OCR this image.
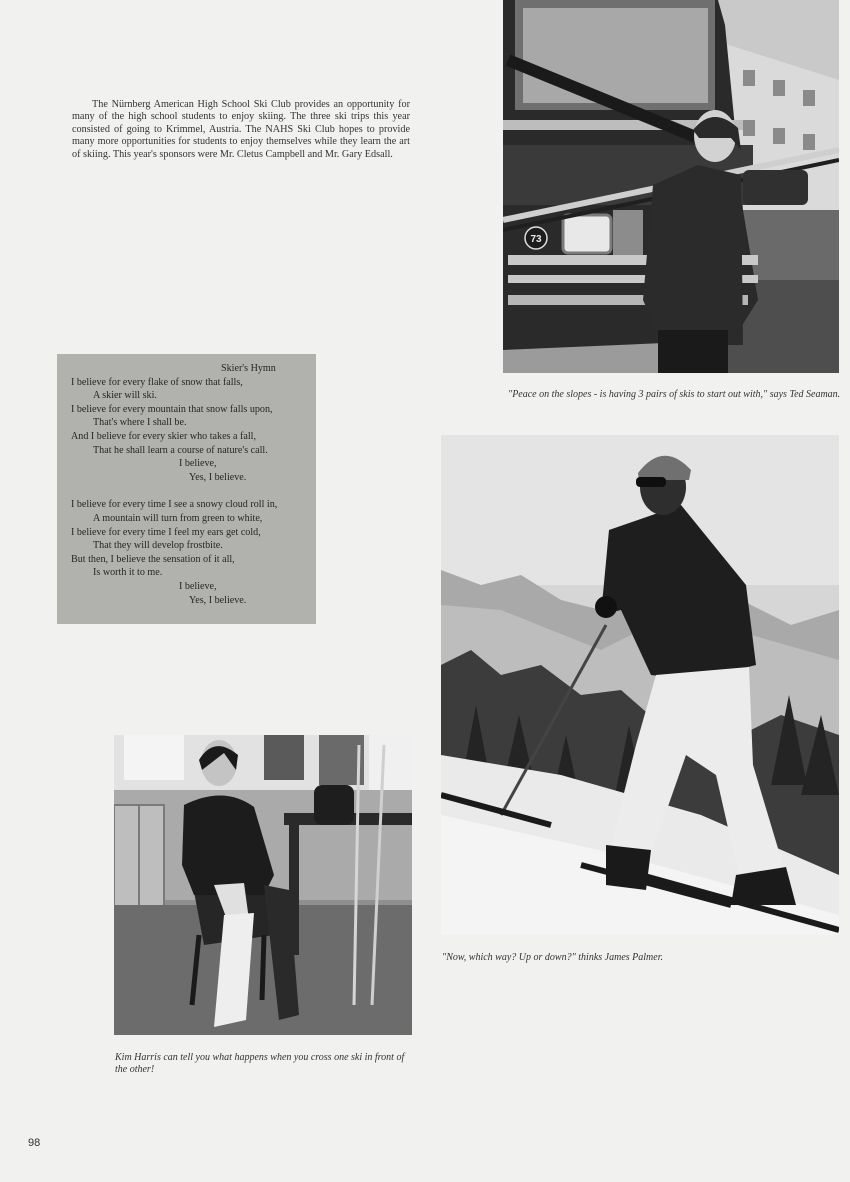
The Nürnberg American High School Ski Club provides an opportunity for many of the high school students to enjoy skiing. The three ski trips this year consisted of going to Krimmel, Austria. The NAHS Ski Club hopes to provide many more opportunities for students to enjoy themselves while they learn the art of skiing. This year's sponsors were Mr. Cletus Campbell and Mr. Gary Edsall.
Skier's Hymn
I believe for every flake of snow that falls,
A skier will ski.
I believe for every mountain that snow falls upon,
That's where I shall be.
And I believe for every skier who takes a fall,
That he shall learn a course of nature's call.
I believe,
Yes, I believe.
I believe for every time I see a snowy cloud roll in,
A mountain will turn from green to white,
I believe for every time I feel my ears get cold,
That they will develop frostbite.
But then, I believe the sensation of it all,
Is worth it to me.
I believe,
Yes, I believe.
73
"Peace on the slopes - is having 3 pairs of skis to start out with," says Ted Seaman.
"Now, which way? Up or down?" thinks James Palmer.
Kim Harris can tell you what happens when you cross one ski in front of the other!
98
